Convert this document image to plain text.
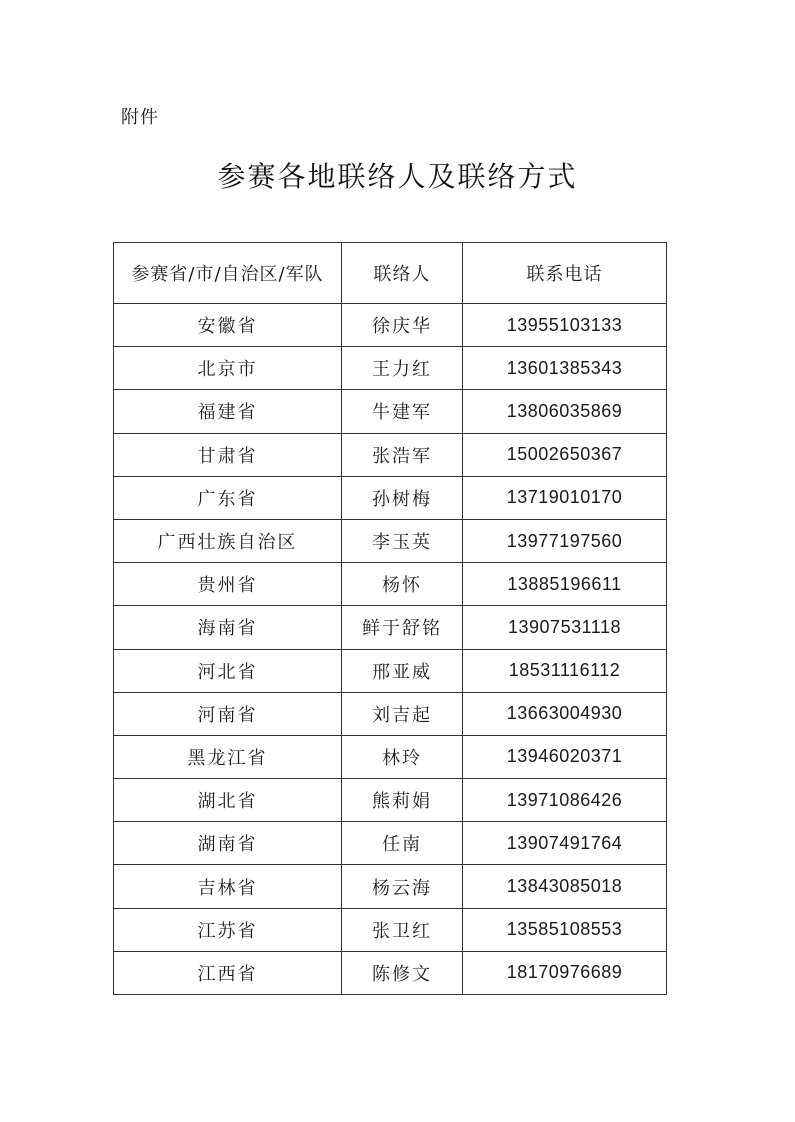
附件
参赛各地联络人及联络方式
参赛省/市/自治区/军队	联络人	联系电话
安徽省	徐庆华	13955103133
北京市	王力红	13601385343
福建省	牛建军	13806035869
甘肃省	张浩军	15002650367
广东省	孙树梅	13719010170
广西壮族自治区	李玉英	13977197560
贵州省	杨怀	13885196611
海南省	鲜于舒铭	13907531118
河北省	邢亚威	18531116112
河南省	刘吉起	13663004930
黑龙江省	林玲	13946020371
湖北省	熊莉娟	13971086426
湖南省	任南	13907491764
吉林省	杨云海	13843085018
江苏省	张卫红	13585108553
江西省	陈修文	18170976689
